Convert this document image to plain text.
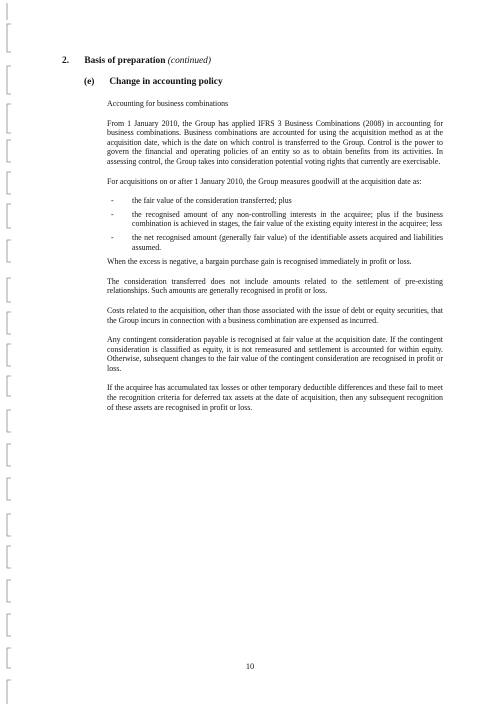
2. Basis of preparation (continued)
(e) Change in accounting policy

Accounting for business combinations

From 1 January 2010, the Group has applied IFRS 3 Business Combinations (2008) in accounting for business combinations. Business combinations are accounted for using the acquisition method as at the acquisition date, which is the date on which control is transferred to the Group. Control is the power to govern the financial and operating policies of an entity so as to obtain benefits from its activities. In assessing control, the Group takes into consideration potential voting rights that currently are exercisable.

For acquisitions on or after 1 January 2010, the Group measures goodwill at the acquisition date as:

- the fair value of the consideration transferred; plus
- the recognised amount of any non-controlling interests in the acquiree; plus if the business combination is achieved in stages, the fair value of the existing equity interest in the acquiree; less
- the net recognised amount (generally fair value) of the identifiable assets acquired and liabilities assumed.

When the excess is negative, a bargain purchase gain is recognised immediately in profit or loss.

The consideration transferred does not include amounts related to the settlement of pre-existing relationships. Such amounts are generally recognised in profit or loss.

Costs related to the acquisition, other than those associated with the issue of debt or equity securities, that the Group incurs in connection with a business combination are expensed as incurred.

Any contingent consideration payable is recognised at fair value at the acquisition date. If the contingent consideration is classified as equity, it is not remeasured and settlement is accounted for within equity. Otherwise, subsequent changes to the fair value of the contingent consideration are recognised in profit or loss.

If the acquiree has accumulated tax losses or other temporary deductible differences and these fail to meet the recognition criteria for deferred tax assets at the date of acquisition, then any subsequent recognition of these assets are recognised in profit or loss.

10
